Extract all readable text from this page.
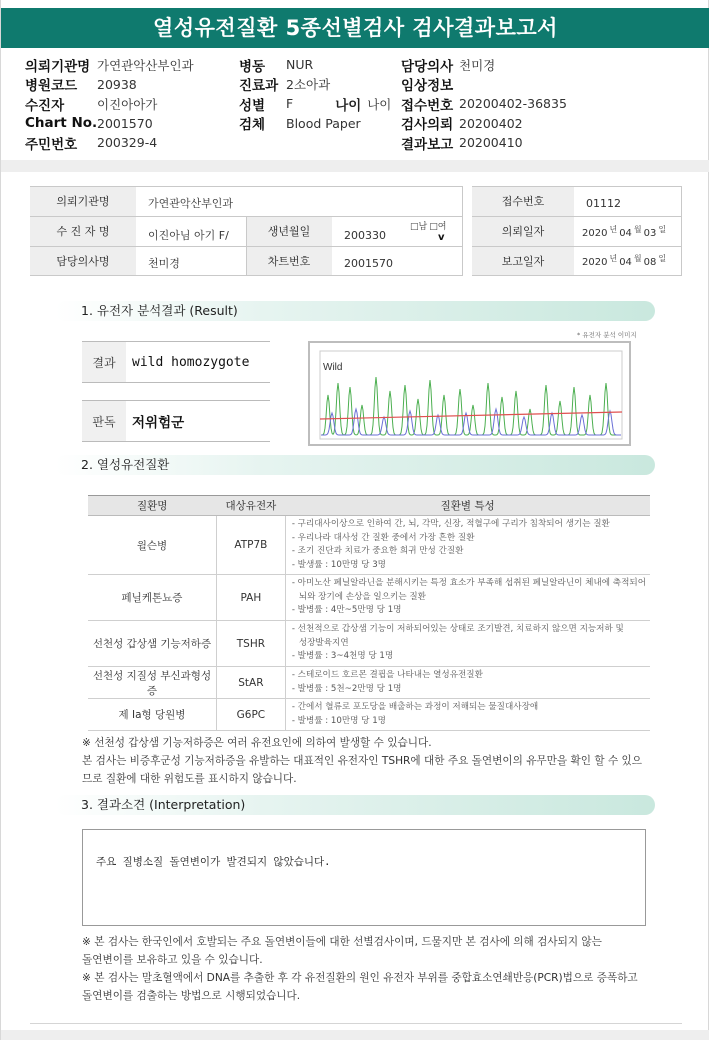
열성유전질환 5종선별검사 검사결과보고서
의뢰기관명 가연관악산부인과
병원코드	20938
수진자	이진아아가
Chart No. 2001570
주민번호	200329-4
병동	NUR
진료과 2소아과
성별	F	나이 나이
검체	Blood Paper
담당의사 천미경
임상정보
접수번호 20200402-36835
검사의뢰 20200402
결과보고 20200410
의뢰기관명	가연관악산부인과
수 진 자 명	이진아님 아기 F/
담당의사명	천미경
생년월일	200330
□남 □여
v
차트번호	2001570
접수번호	01112
의뢰일자	2020 년 04 월 03 일
보고일자	2020 년 04 월 08 일
1. 유전자 분석결과 (Result)
* 유전자 분석 이미지
결과	wild homozygote
판독	저위험군
Wild
2. 열성유전질환
질환명	대상유전자	질환별 특성
윌슨병	ATP7B	- 구리대사이상으로 인하여 간, 뇌, 각막, 신장, 적혈구에 구리가 침착되어 생기는 질환
- 우리나라 대사성 간 질환 중에서 가장 흔한 질환
- 조기 진단과 치료가 중요한 희귀 만성 간질환
- 발생률 : 10만명 당 3명

페닐케톤뇨증	PAH	- 아미노산 페닐알라닌을 분해시키는 특정 효소가 부족해 섭취된 페닐알라닌이 체내에 축적되어
뇌와 장기에 손상을 일으키는 질환
- 발병률 : 4만~5만명 당 1명

선천성 갑상샘 기능저하증	TSHR	- 선천적으로 갑상샘 기능이 저하되어있는 상태로 조기발견, 치료하지 않으면 지능저하 및
성장발육지연
- 발병률 : 3~4천명 당 1명

선천성 지질성 부신과형성증	StAR	- 스테로이드 호르몬 결핍을 나타내는 열성유전질환
- 발병률 : 5천~2만명 당 1명

제 Ia형 당원병	G6PC	- 간에서 혈류로 포도당을 배출하는 과정이 저해되는 물질대사장애
- 발병률 : 10만명 당 1명
※ 선천성 갑상샘 기능저하증은 여러 유전요인에 의하여 발생할 수 있습니다.
본 검사는 비증후군성 기능저하증을 유발하는 대표적인 유전자인 TSHR에 대한 주요 돌연변이의 유무만을 확인 할 수 있으
므로 질환에 대한 위험도를 표시하지 않습니다.
3. 결과소견 (Interpretation)
주요 질병소질 돌연변이가 발견되지 않았습니다.
※ 본 검사는 한국인에서 호발되는 주요 돌연변이들에 대한 선별검사이며, 드물지만 본 검사에 의해 검사되지 않는
돌연변이를 보유하고 있을 수 있습니다.
※ 본 검사는 말초혈액에서 DNA를 추출한 후 각 유전질환의 원인 유전자 부위를 중합효소연쇄반응(PCR)법으로 증폭하고
돌연변이를 검출하는 방법으로 시행되었습니다.
